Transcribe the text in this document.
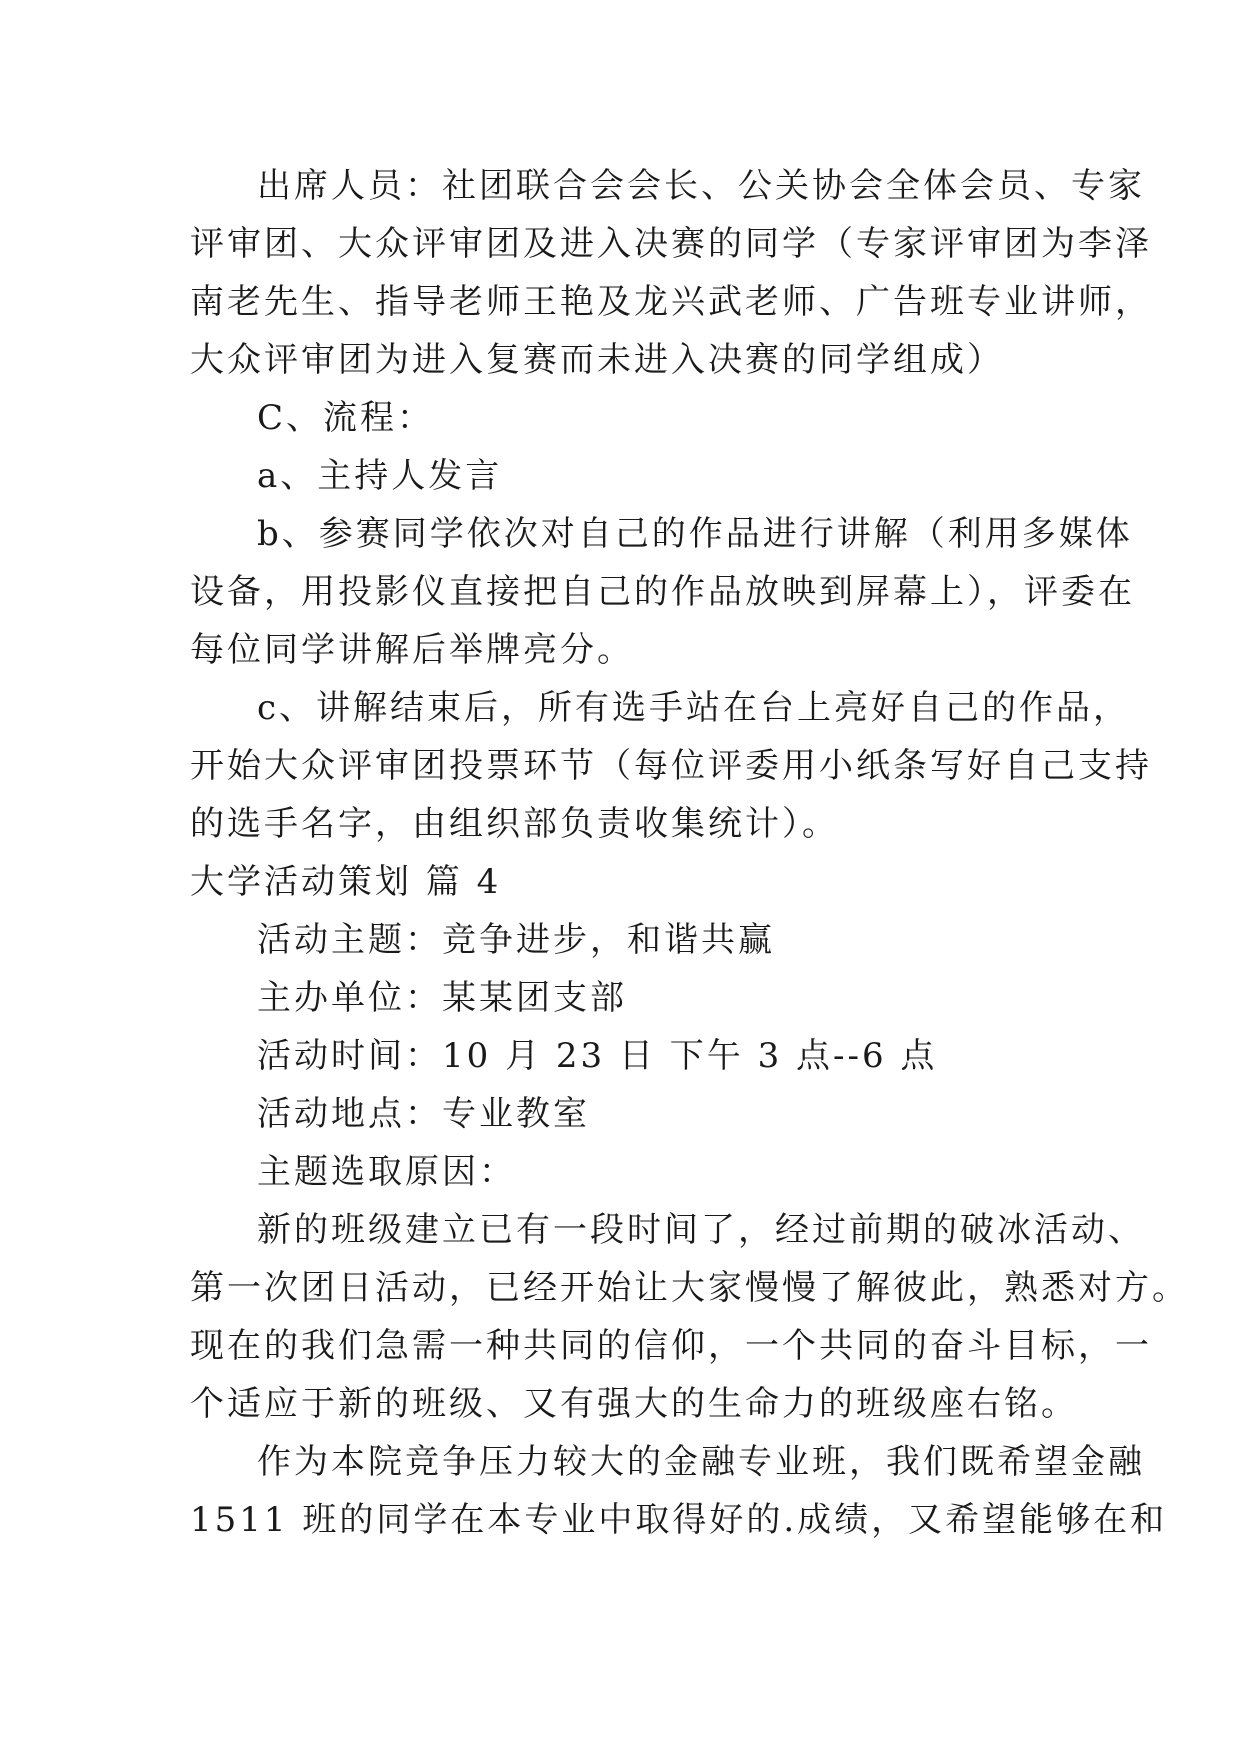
出席人员：社团联合会会长、公关协会全体会员、专家
评审团、大众评审团及进入决赛的同学（专家评审团为李泽
南老先生、指导老师王艳及龙兴武老师、广告班专业讲师，
大众评审团为进入复赛而未进入决赛的同学组成）
C、流程：
a、主持人发言
b、参赛同学依次对自己的作品进行讲解（利用多媒体
设备，用投影仪直接把自己的作品放映到屏幕上），评委在
每位同学讲解后举牌亮分。
c、讲解结束后，所有选手站在台上亮好自己的作品，
开始大众评审团投票环节（每位评委用小纸条写好自己支持
的选手名字，由组织部负责收集统计）。
大学活动策划 篇 4
活动主题：竞争进步，和谐共赢
主办单位：某某团支部
活动时间：10 月 23 日 下午 3 点--6 点
活动地点：专业教室
主题选取原因：
新的班级建立已有一段时间了，经过前期的破冰活动、
第一次团日活动，已经开始让大家慢慢了解彼此，熟悉对方。
现在的我们急需一种共同的信仰，一个共同的奋斗目标，一
个适应于新的班级、又有强大的生命力的班级座右铭。
作为本院竞争压力较大的金融专业班，我们既希望金融
1511 班的同学在本专业中取得好的.成绩，又希望能够在和
